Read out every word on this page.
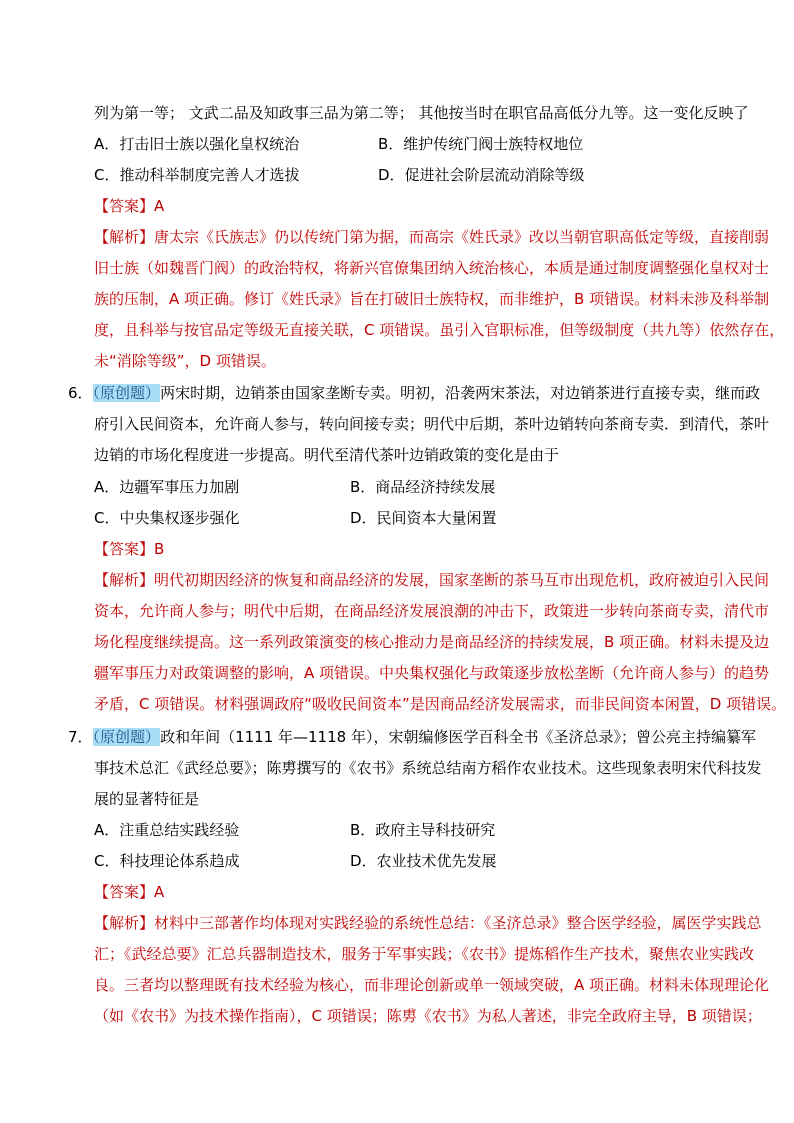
列为第一等； 文武二品及知政事三品为第二等； 其他按当时在职官品高低分九等。这一变化反映了
A．打击旧士族以强化皇权统治	B．维护传统门阀士族特权地位
C．推动科举制度完善人才选拔	D．促进社会阶层流动消除等级
【答案】A
【解析】唐太宗《氏族志》仍以传统门第为据，而高宗《姓氏录》改以当朝官职高低定等级，直接削弱
旧士族（如魏晋门阀）的政治特权，将新兴官僚集团纳入统治核心，本质是通过制度调整强化皇权对士
族的压制，A 项正确。修订《姓氏录》旨在打破旧士族特权，而非维护，B 项错误。材料未涉及科举制
度，且科举与按官品定等级无直接关联，C 项错误。虽引入官职标准，但等级制度（共九等）依然存在，
未“消除等级”，D 项错误。
6．（原创题）两宋时期，边销茶由国家垄断专卖。明初，沿袭两宋茶法，对边销茶进行直接专卖，继而政
府引入民间资本，允许商人参与，转向间接专卖；明代中后期，茶叶边销转向茶商专卖．到清代，茶叶
边销的市场化程度进一步提高。明代至清代茶叶边销政策的变化是由于
A．边疆军事压力加剧	B．商品经济持续发展
C．中央集权逐步强化	D．民间资本大量闲置
【答案】B
【解析】明代初期因经济的恢复和商品经济的发展，国家垄断的茶马互市出现危机，政府被迫引入民间
资本，允许商人参与；明代中后期，在商品经济发展浪潮的冲击下，政策进一步转向茶商专卖，清代市
场化程度继续提高。这一系列政策演变的核心推动力是商品经济的持续发展，B 项正确。材料未提及边
疆军事压力对政策调整的影响，A 项错误。中央集权强化与政策逐步放松垄断（允许商人参与）的趋势
矛盾，C 项错误。材料强调政府“吸收民间资本”是因商品经济发展需求，而非民间资本闲置，D 项错误。
7．（原创题）政和年间（1111 年—1118 年），宋朝编修医学百科全书《圣济总录》；曾公亮主持编纂军
事技术总汇《武经总要》；陈旉撰写的《农书》系统总结南方稻作农业技术。这些现象表明宋代科技发
展的显著特征是
A．注重总结实践经验	B．政府主导科技研究
C．科技理论体系趋成	D．农业技术优先发展
【答案】A
【解析】材料中三部著作均体现对实践经验的系统性总结：《圣济总录》整合医学经验，属医学实践总
汇；《武经总要》汇总兵器制造技术，服务于军事实践；《农书》提炼稻作生产技术，聚焦农业实践改
良。三者均以整理既有技术经验为核心，而非理论创新或单一领域突破，A 项正确。材料未体现理论化
（如《农书》为技术操作指南），C 项错误；陈旉《农书》为私人著述，非完全政府主导，B 项错误；
